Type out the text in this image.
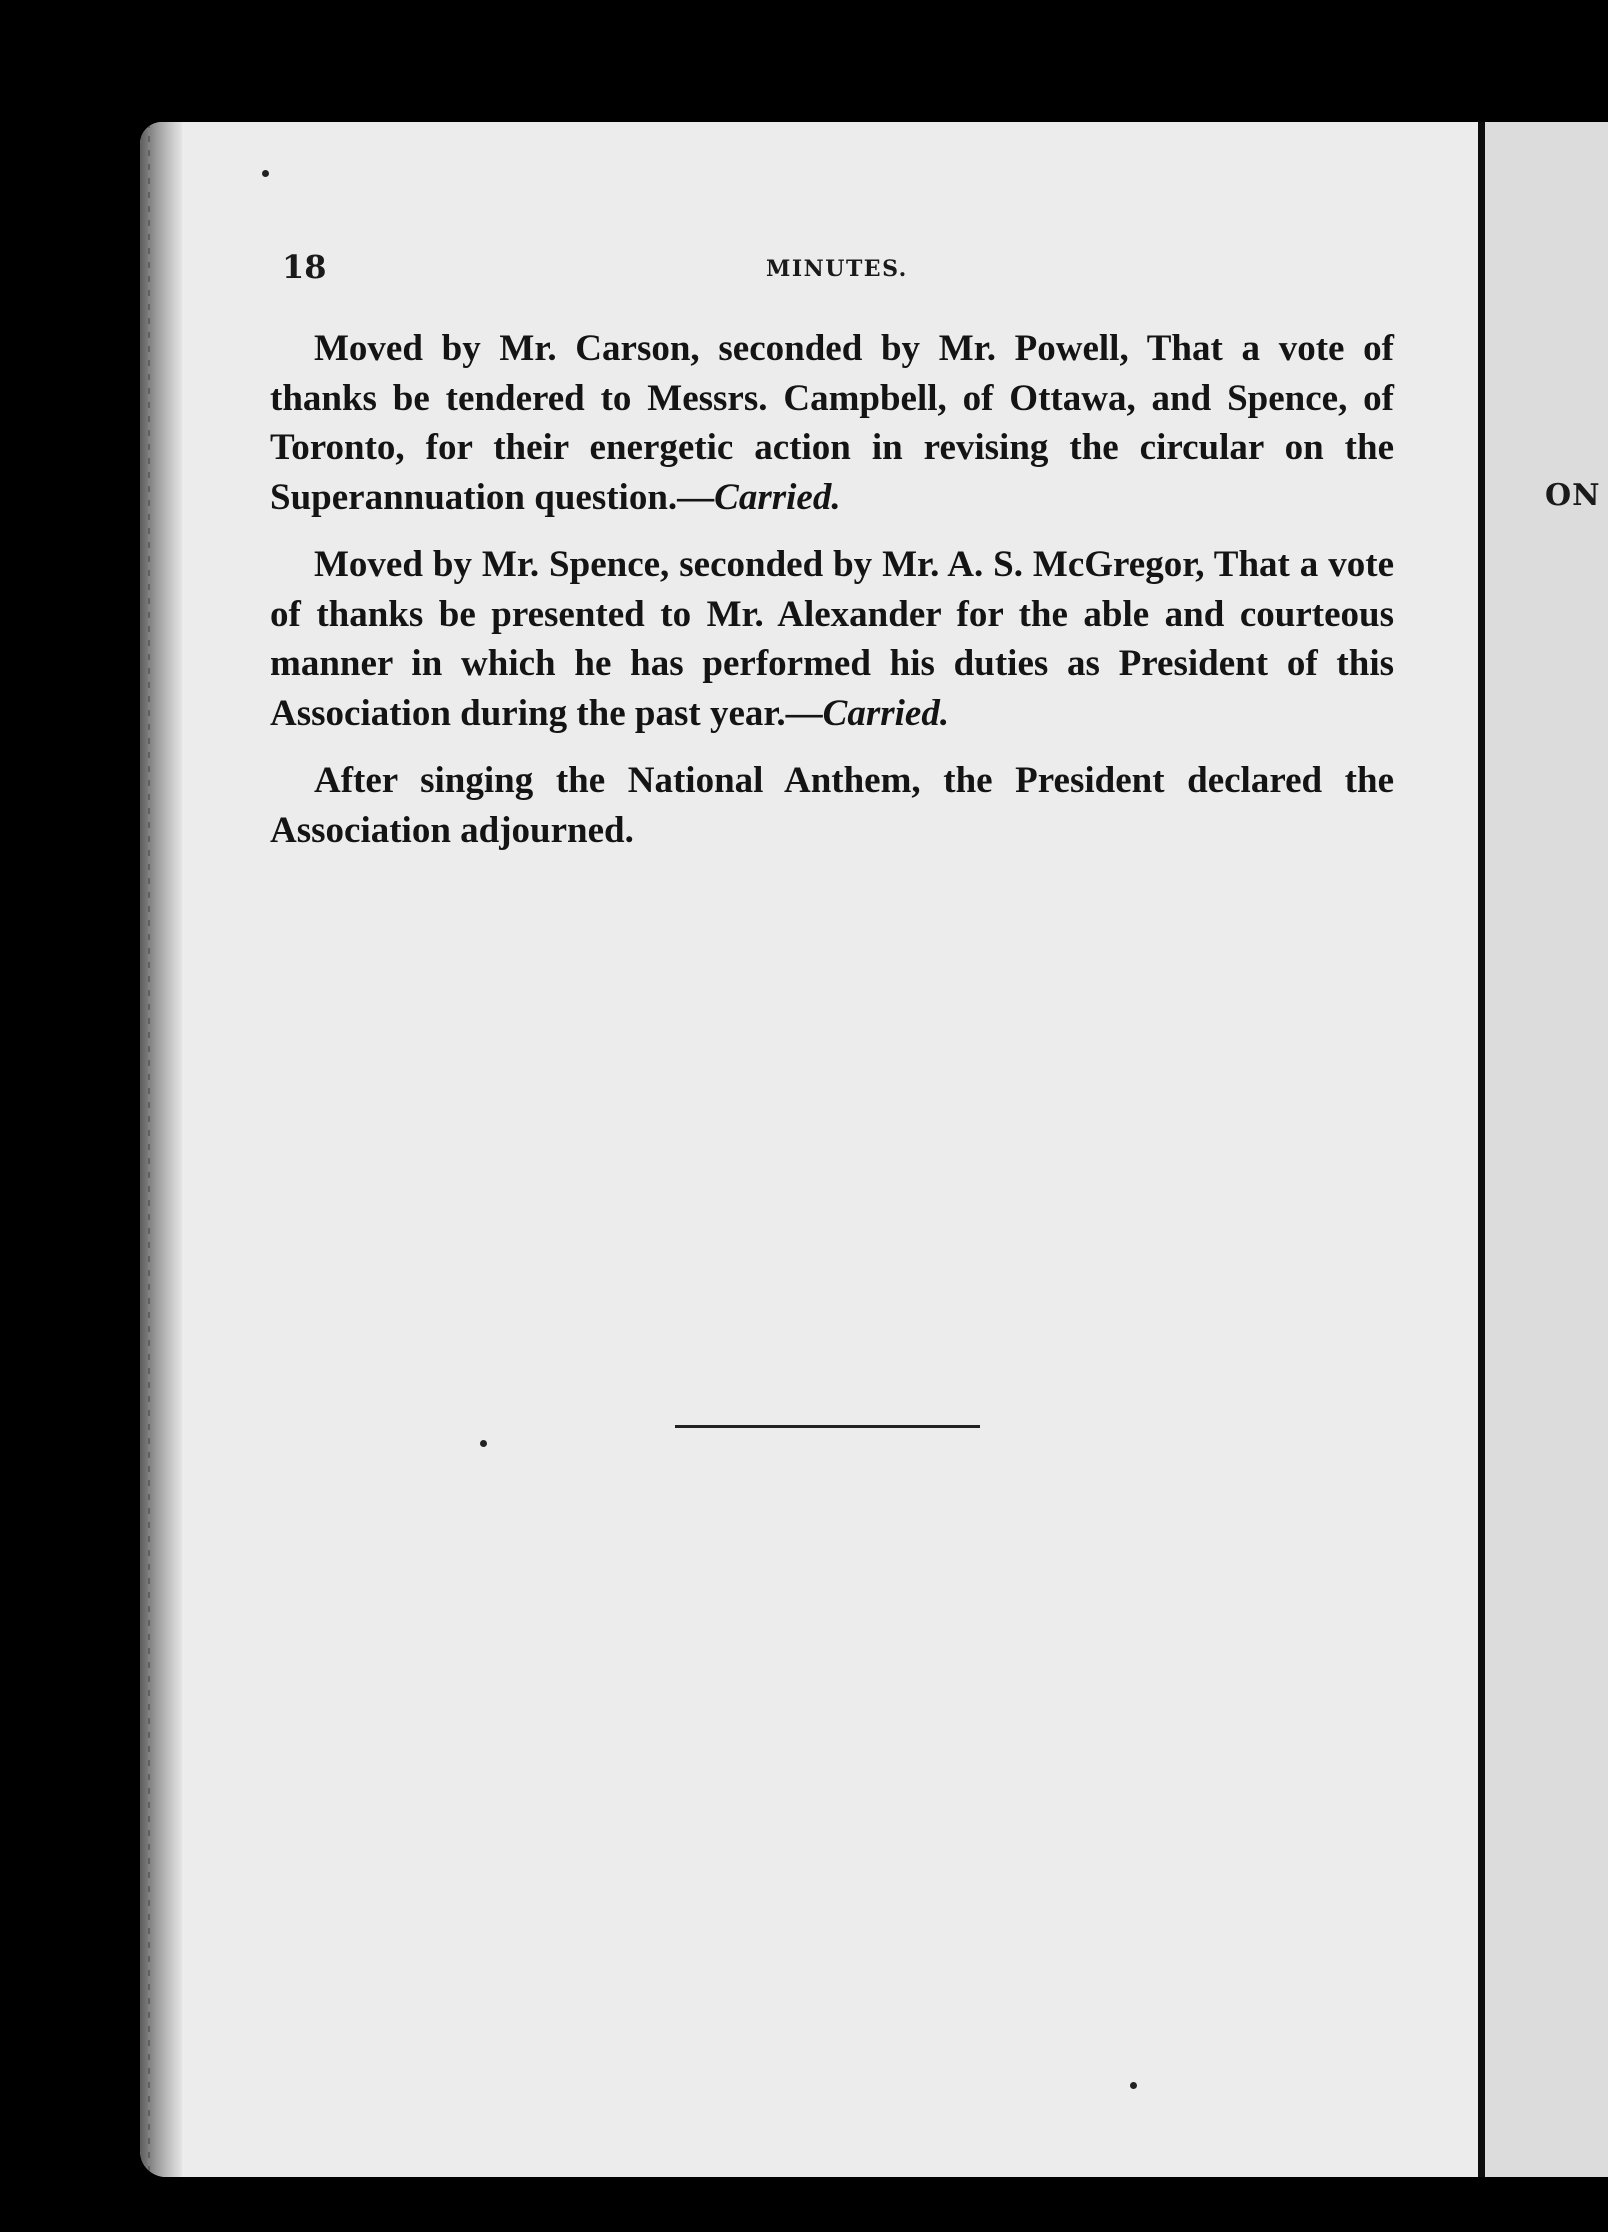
ON
18	MINUTES.

Moved by Mr. Carson, seconded by Mr. Powell, That a vote of thanks be tendered to Messrs. Campbell, of Ottawa, and Spence, of Toronto, for their energetic action in revising the circular on the Superannuation question.—Carried.

Moved by Mr. Spence, seconded by Mr. A. S. McGregor, That a vote of thanks be presented to Mr. Alexander for the able and courteous manner in which he has performed his duties as President of this Association during the past year.—Carried.

After singing the National Anthem, the President declared the Association adjourned.
